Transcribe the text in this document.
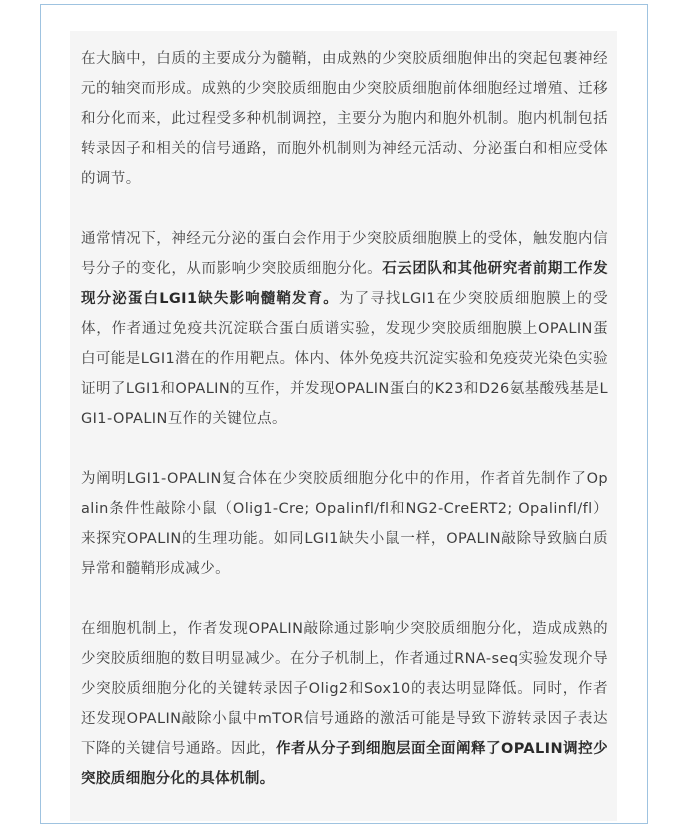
在大脑中，白质的主要成分为髓鞘，由成熟的少突胶质细胞伸出的突起包裹神经元的轴突而形成。成熟的少突胶质细胞由少突胶质细胞前体细胞经过增殖、迁移和分化而来，此过程受多种机制调控，主要分为胞内和胞外机制。胞内机制包括转录因子和相关的信号通路，而胞外机制则为神经元活动、分泌蛋白和相应受体的调节。

通常情况下，神经元分泌的蛋白会作用于少突胶质细胞膜上的受体，触发胞内信号分子的变化，从而影响少突胶质细胞分化。石云团队和其他研究者前期工作发现分泌蛋白LGI1缺失影响髓鞘发育。为了寻找LGI1在少突胶质细胞膜上的受体，作者通过免疫共沉淀联合蛋白质谱实验，发现少突胶质细胞膜上OPALIN蛋白可能是LGI1潜在的作用靶点。体内、体外免疫共沉淀实验和免疫荧光染色实验证明了LGI1和OPALIN的互作，并发现OPALIN蛋白的K23和D26氨基酸残基是LGI1-OPALIN互作的关键位点。

为阐明LGI1-OPALIN复合体在少突胶质细胞分化中的作用，作者首先制作了Opalin条件性敲除小鼠（Olig1-Cre; Opalinfl/fl和NG2-CreERT2; Opalinfl/fl）来探究OPALIN的生理功能。如同LGI1缺失小鼠一样，OPALIN敲除导致脑白质异常和髓鞘形成减少。

在细胞机制上，作者发现OPALIN敲除通过影响少突胶质细胞分化，造成成熟的少突胶质细胞的数目明显减少。在分子机制上，作者通过RNA-seq实验发现介导少突胶质细胞分化的关键转录因子Olig2和Sox10的表达明显降低。同时，作者还发现OPALIN敲除小鼠中mTOR信号通路的激活可能是导致下游转录因子表达下降的关键信号通路。因此，作者从分子到细胞层面全面阐释了OPALIN调控少突胶质细胞分化的具体机制。
